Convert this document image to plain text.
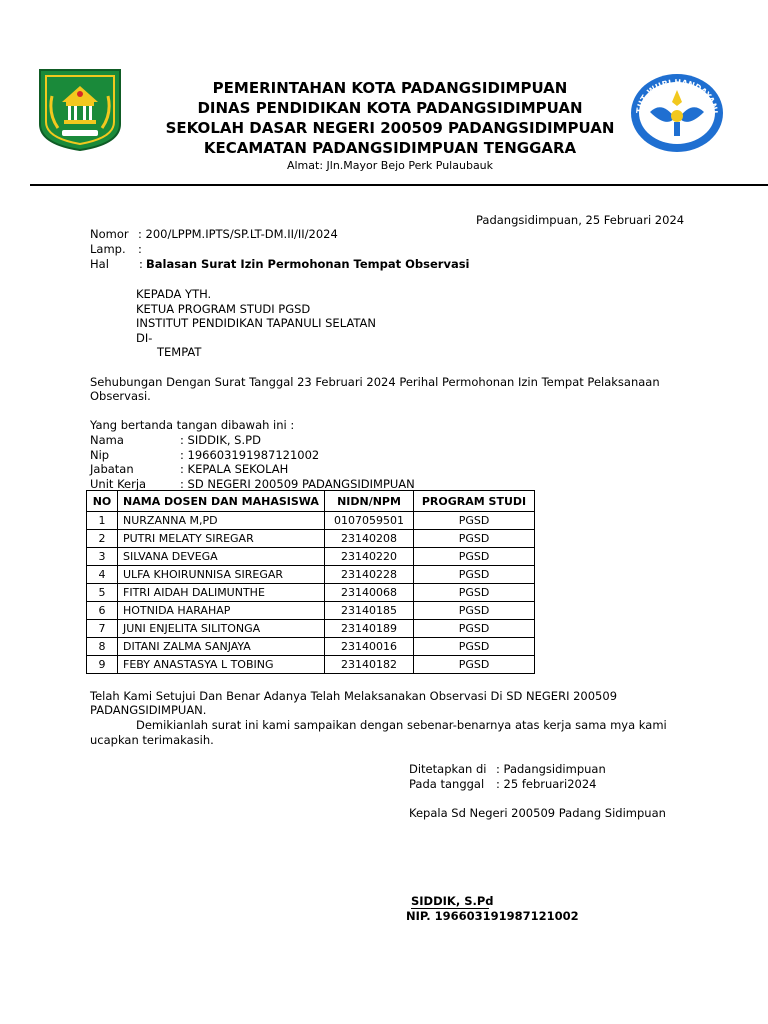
TUT WURI HANDAYANI
PEMERINTAHAN KOTA PADANGSIDIMPUAN
DINAS PENDIDIKAN KOTA PADANGSIDIMPUAN
SEKOLAH DASAR NEGERI 200509 PADANGSIDIMPUAN
KECAMATAN PADANGSIDIMPUAN TENGGARA
Almat: Jln.Mayor Bejo Perk Pulaubauk
Padangsidimpuan, 25 Februari 2024
Nomor : 200/LPPM.IPTS/SP.LT-DM.II/II/2024
Lamp. :
Hal	: Balasan Surat Izin Permohonan Tempat Observasi
KEPADA YTH.
KETUA PROGRAM STUDI PGSD
INSTITUT PENDIDIKAN TAPANULI SELATAN
DI-
TEMPAT
Sehubungan Dengan Surat Tanggal 23 Februari 2024 Perihal Permohonan Izin Tempat Pelaksanaan
Observasi.
Yang bertanda tangan dibawah ini :
Nama	: SIDDIK, S.PD
Nip	: 196603191987121002
Jabatan	: KEPALA SEKOLAH
Unit Kerja	: SD NEGERI 200509 PADANGSIDIMPUAN
NO	NAMA DOSEN DAN MAHASISWA	NIDN/NPM	PROGRAM STUDI
1	NURZANNA M,PD	0107059501	PGSD
2	PUTRI MELATY SIREGAR	23140208	PGSD
3	SILVANA DEVEGA	23140220	PGSD
4	ULFA KHOIRUNNISA SIREGAR	23140228	PGSD
5	FITRI AIDAH DALIMUNTHE	23140068	PGSD
6	HOTNIDA HARAHAP	23140185	PGSD
7	JUNI ENJELITA SILITONGA	23140189	PGSD
8	DITANI ZALMA SANJAYA	23140016	PGSD
9	FEBY ANASTASYA L TOBING	23140182	PGSD
Telah Kami Setujui Dan Benar Adanya Telah Melaksanakan Observasi Di SD NEGERI 200509
PADANGSIDIMPUAN.
Demikianlah surat ini kami sampaikan dengan sebenar-benarnya atas kerja sama mya kami
ucapkan terimakasih.
Ditetapkan di : Padangsidimpuan
Pada tanggal : 25 februari2024
Kepala Sd Negeri 200509 Padang Sidimpuan
SIDDIK, S.Pd
NIP. 196603191987121002
